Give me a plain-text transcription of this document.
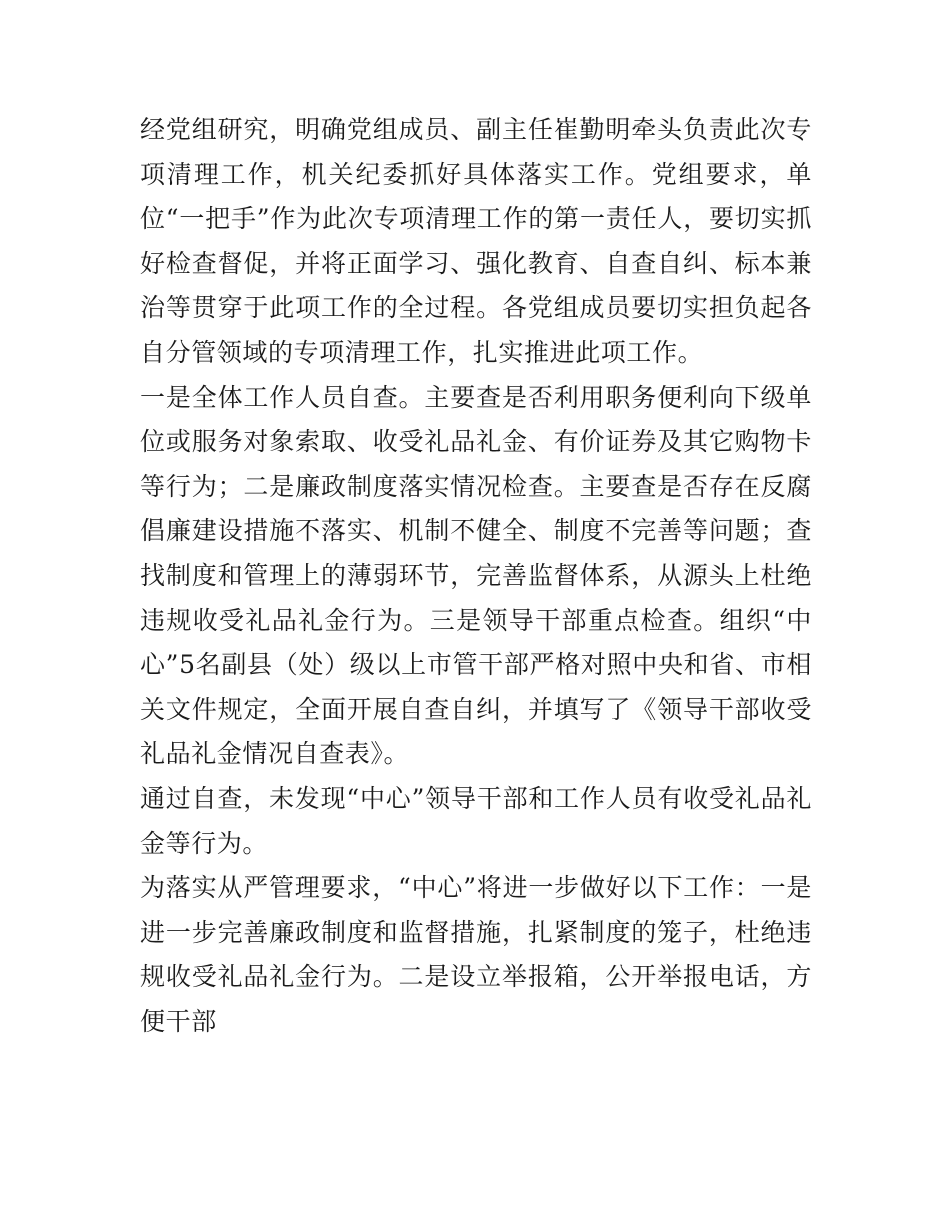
经党组研究，明确党组成员、副主任崔勤明牵头负责此次专项清理工作，机关纪委抓好具体落实工作。党组要求，单位“一把手”作为此次专项清理工作的第一责任人，要切实抓好检查督促，并将正面学习、强化教育、自查自纠、标本兼治等贯穿于此项工作的全过程。各党组成员要切实担负起各自分管领域的专项清理工作，扎实推进此项工作。

一是全体工作人员自查。主要查是否利用职务便利向下级单位或服务对象索取、收受礼品礼金、有价证券及其它购物卡等行为；二是廉政制度落实情况检查。主要查是否存在反腐倡廉建设措施不落实、机制不健全、制度不完善等问题；查找制度和管理上的薄弱环节，完善监督体系，从源头上杜绝违规收受礼品礼金行为。三是领导干部重点检查。组织“中心”5名副县（处）级以上市管干部严格对照中央和省、市相关文件规定，全面开展自查自纠，并填写了《领导干部收受礼品礼金情况自查表》。

通过自查，未发现“中心”领导干部和工作人员有收受礼品礼金等行为。

为落实从严管理要求，“中心”将进一步做好以下工作：一是进一步完善廉政制度和监督措施，扎紧制度的笼子，杜绝违规收受礼品礼金行为。二是设立举报箱，公开举报电话，方便干部
